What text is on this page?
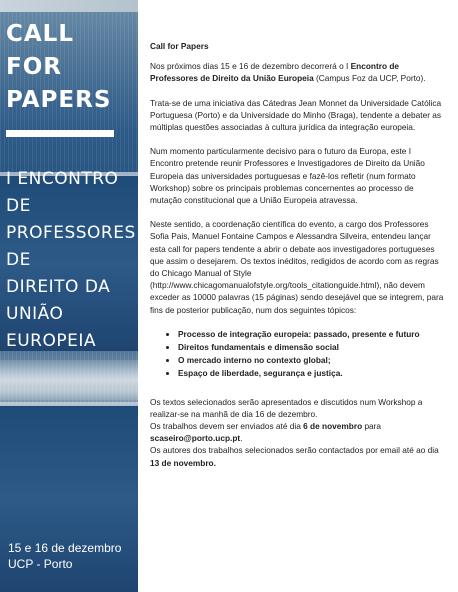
CALL
FOR
PAPERS
I ENCONTRO
DE
PROFESSORES
DE
DIREITO DA
UNIÃO
EUROPEIA
15 e 16 de dezembro
UCP - Porto

Call for Papers

Nos próximos dias 15 e 16 de dezembro decorrerá o I Encontro de Professores de Direito da União Europeia (Campus Foz da UCP, Porto).

Trata-se de uma iniciativa das Cátedras Jean Monnet da Universidade Católica Portuguesa (Porto) e da Universidade do Minho (Braga), tendente a debater as múltiplas questões associadas à cultura jurídica da integração europeia.

Num momento particularmente decisivo para o futuro da Europa, este I Encontro pretende reunir Professores e Investigadores de Direito da União Europeia das universidades portuguesas e fazê-los refletir (num formato Workshop) sobre os principais problemas concernentes ao processo de mutação constitucional que a União Europeia atravessa.

Neste sentido, a coordenação científica do evento, a cargo dos Professores Sofia Pais, Manuel Fontaine Campos e Alessandra Silveira, entendeu lançar esta call for papers tendente a abrir o debate aos investigadores portugueses que assim o desejarem. Os textos inéditos, redigidos de acordo com as regras do Chicago Manual of Style (http://www.chicagomanualofstyle.org/tools_citationguide.html), não devem exceder as 10000 palavras (15 páginas) sendo desejável que se integrem, para fins de posterior publicação, num dos seguintes tópicos:

• Processo de integração europeia: passado, presente e futuro
• Direitos fundamentais e dimensão social
• O mercado interno no contexto global;
• Espaço de liberdade, segurança e justiça.

Os textos selecionados serão apresentados e discutidos num Workshop a realizar-se na manhã de dia 16 de dezembro.

Os trabalhos devem ser enviados até dia 6 de novembro para scaseiro@porto.ucp.pt.

Os autores dos trabalhos selecionados serão contactados por email até ao dia 13 de novembro.
